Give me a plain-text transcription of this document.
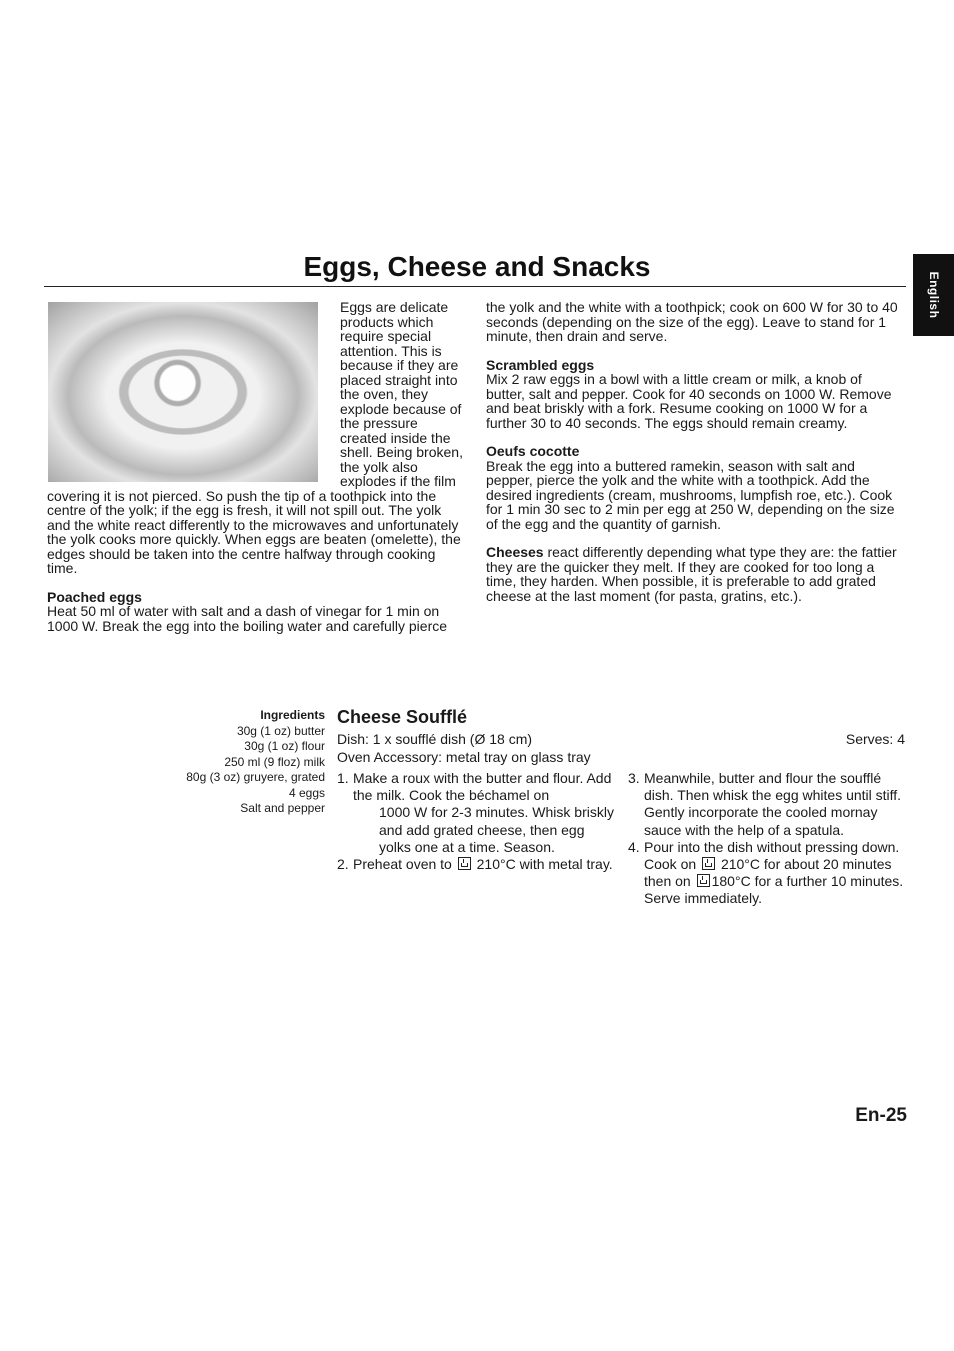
English
Eggs, Cheese and Snacks

Eggs are delicate products which require special attention. This is because if they are placed straight into the oven, they explode because of the pressure created inside the shell. Being broken, the yolk also explodes if the film covering it is not pierced. So push the tip of a toothpick into the centre of the yolk; if the egg is fresh, it will not spill out. The yolk and the white react differently to the microwaves and unfortunately the yolk cooks more quickly. When eggs are beaten (omelette), the edges should be taken into the centre halfway through cooking time.

Poached eggs

Heat 50 ml of water with salt and a dash of vinegar for 1 min on 1000 W. Break the egg into the boiling water and carefully pierce

the yolk and the white with a toothpick; cook on 600 W for 30 to 40 seconds (depending on the size of the egg). Leave to stand for 1 minute, then drain and serve.

Scrambled eggs

Mix 2 raw eggs in a bowl with a little cream or milk, a knob of butter, salt and pepper. Cook for 40 seconds on 1000 W. Remove and beat briskly with a fork. Resume cooking on 1000 W for a further 30 to 40 seconds. The eggs should remain creamy.

Oeufs cocotte

Break the egg into a buttered ramekin, season with salt and pepper, pierce the yolk and the white with a toothpick. Add the desired ingredients (cream, mushrooms, lumpfish roe, etc.). Cook for 1 min 30 sec to 2 min per egg at 250 W, depending on the size of the egg and the quantity of garnish.

Cheeses react differently depending what type they are: the fattier they are the quicker they melt. If they are cooked for too long a time, they harden. When possible, it is preferable to add grated cheese at the last moment (for pasta, gratins, etc.).

Ingredients
30g (1 oz) butter
30g (1 oz) flour
250 ml (9 floz) milk
80g (3 oz) gruyere, grated
4 eggs
Salt and pepper
Cheese Soufflé
Dish: 1 x soufflé dish (Ø 18 cm)
Oven Accessory: metal tray on glass tray
Serves: 4
1. Make a roux with the butter and flour. Add the milk. Cook the béchamel on 1000 W for 2-3 minutes. Whisk briskly and add grated cheese, then egg yolks one at a time. Season.
2. Preheat oven to 210°C with metal tray.
3. Meanwhile, butter and flour the soufflé dish. Then whisk the egg whites until stiff. Gently incorporate the cooled mornay sauce with the help of a spatula.
4. Pour into the dish without pressing down. Cook on 210°C for about 20 minutes then on 180°C for a further 10 minutes. Serve immediately.
En-25
